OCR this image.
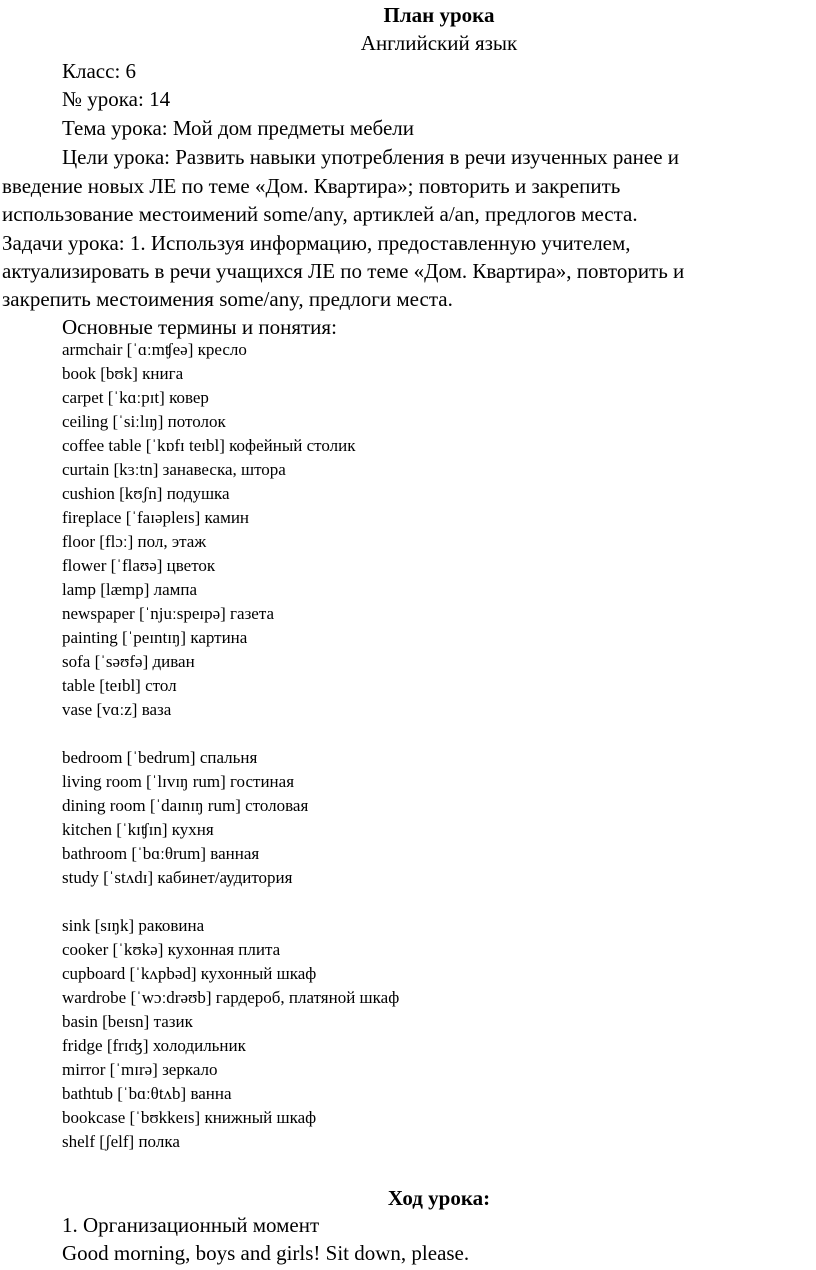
План урока
Английский язык
Класс: 6
№ урока: 14
Тема урока: Мой дом предметы мебели
Цели урока: Развить навыки употребления в речи изученных ранее и
введение новых ЛЕ по теме «Дом. Квартира»; повторить и закрепить
использование местоимений some/any, артиклей a/an, предлогов места.
Задачи урока: 1. Используя информацию, предоставленную учителем,
актуализировать в речи учащихся ЛЕ по теме «Дом. Квартира», повторить и
закрепить местоимения some/any, предлоги места.
Основные термины и понятия:
armchair [ˈɑːmʧeə] кресло
book [bʊk] книга
carpet [ˈkɑːpɪt] ковер
ceiling [ˈsiːlɪŋ] потолок
coffee table [ˈkɒfɪ teɪbl] кофейный столик
curtain [kɜːtn] занавеска, штора
cushion [kʊʃn] подушка
fireplace [ˈfaɪəpleɪs] камин
floor [flɔː] пол, этаж
flower [ˈflaʊə] цветок
lamp [læmp] лампа
newspaper [ˈnjuːspeɪpə] газета
painting [ˈpeɪntɪŋ] картина
sofa [ˈsəʊfə] диван
table [teɪbl] стол
vase [vɑːz] ваза
bedroom [ˈbedrum] спальня
living room [ˈlɪvɪŋ rum] гостиная
dining room [ˈdaɪnɪŋ rum] столовая
kitchen [ˈkɪʧɪn] кухня
bathroom [ˈbɑːθrum] ванная
study [ˈstʌdɪ] кабинет/аудитория
sink [sɪŋk] раковина
cooker [ˈkʊkə] кухонная плита
cupboard [ˈkʌpbəd] кухонный шкаф
wardrobe [ˈwɔːdrəʊb] гардероб, платяной шкаф
basin [beɪsn] тазик
fridge [frɪʤ] холодильник
mirror [ˈmɪrə] зеркало
bathtub [ˈbɑːθtʌb] ванна
bookcase [ˈbʊkkeɪs] книжный шкаф
shelf [ʃelf] полка
Ход урока:
1. Организационный момент
Good morning, boys and girls! Sit down, please.
